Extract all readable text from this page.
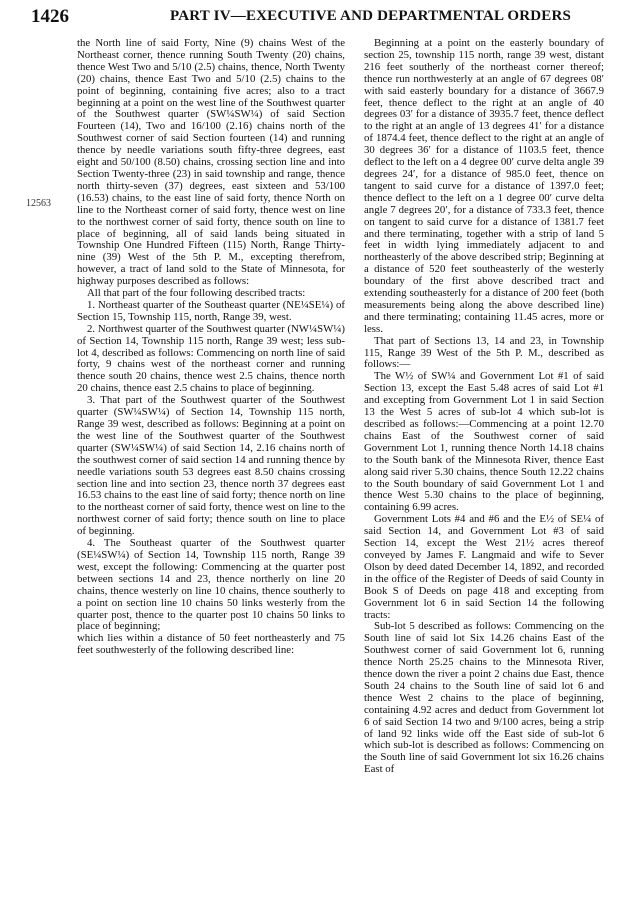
1426	PART IV—EXECUTIVE AND DEPARTMENTAL ORDERS
12563

the North line of said Forty, Nine (9) chains West of the Northeast corner, thence running South Twenty (20) chains, thence West Two and 5/10 (2.5) chains, thence, North Twenty (20) chains, thence East Two and 5/10 (2.5) chains to the point of beginning, containing five acres; also to a tract beginning at a point on the west line of the Southwest quarter of the Southwest quarter (SW¼SW¼) of said Section Fourteen (14), Two and 16/100 (2.16) chains north of the Southwest corner of said Section fourteen (14) and running thence by needle variations south fifty-three degrees, east eight and 50/100 (8.50) chains, crossing section line and into Section Twenty-three (23) in said township and range, thence north thirty-seven (37) degrees, east sixteen and 53/100 (16.53) chains, to the east line of said forty, thence North on line to the Northeast corner of said forty, thence west on line to the northwest corner of said forty, thence south on line to place of beginning, all of said lands being situated in Township One Hundred Fifteen (115) North, Range Thirty-nine (39) West of the 5th P. M., excepting therefrom, however, a tract of land sold to the State of Minnesota, for highway purposes described as follows:

All that part of the four following described tracts:

1. Northeast quarter of the Southeast quarter (NE¼SE¼) of Section 15, Township 115, north, Range 39, west.

2. Northwest quarter of the Southwest quarter (NW¼SW¼) of Section 14, Township 115 north, Range 39 west; less sub-lot 4, described as follows: Commencing on north line of said forty, 9 chains west of the northeast corner and running thence south 20 chains, thence west 2.5 chains, thence north 20 chains, thence east 2.5 chains to place of beginning.

3. That part of the Southwest quarter of the Southwest quarter (SW¼SW¼) of Section 14, Township 115 north, Range 39 west, described as follows: Beginning at a point on the west line of the Southwest quarter of the Southwest quarter (SW¼SW¼) of said Section 14, 2.16 chains north of the southwest corner of said section 14 and running thence by needle variations south 53 degrees east 8.50 chains crossing section line and into section 23, thence north 37 degrees east 16.53 chains to the east line of said forty; thence north on line to the northeast corner of said forty, thence west on line to the northwest corner of said forty; thence south on line to place of beginning.

4. The Southeast quarter of the Southwest quarter (SE¼SW¼) of Section 14, Township 115 north, Range 39 west, except the following: Commencing at the quarter post between sections 14 and 23, thence northerly on line 20 chains, thence westerly on line 10 chains, thence southerly to a point on section line 10 chains 50 links westerly from the quarter post, thence to the quarter post 10 chains 50 links to place of beginning;

which lies within a distance of 50 feet northeasterly and 75 feet southwesterly of the following described line:

Beginning at a point on the easterly boundary of section 25, township 115 north, range 39 west, distant 216 feet southerly of the northeast corner thereof; thence run northwesterly at an angle of 67 degrees 08′ with said easterly boundary for a distance of 3667.9 feet, thence deflect to the right at an angle of 40 degrees 03′ for a distance of 3935.7 feet, thence deflect to the right at an angle of 13 degrees 41′ for a distance of 1874.4 feet, thence deflect to the right at an angle of 30 degrees 36′ for a distance of 1103.5 feet, thence deflect to the left on a 4 degree 00′ curve delta angle 39 degrees 24′, for a distance of 985.0 feet, thence on tangent to said curve for a distance of 1397.0 feet; thence deflect to the left on a 1 degree 00′ curve delta angle 7 degrees 20′, for a distance of 733.3 feet, thence on tangent to said curve for a distance of 1381.7 feet and there terminating, together with a strip of land 5 feet in width lying immediately adjacent to and northeasterly of the above described strip; Beginning at a distance of 520 feet southeasterly of the westerly boundary of the first above described tract and extending southeasterly for a distance of 200 feet (both measurements being along the above described line) and there terminating; containing 11.45 acres, more or less.

That part of Sections 13, 14 and 23, in Township 115, Range 39 West of the 5th P. M., described as follows:—

The W½ of SW¼ and Government Lot #1 of said Section 13, except the East 5.48 acres of said Lot #1 and excepting from Government Lot 1 in said Section 13 the West 5 acres of sub-lot 4 which sub-lot is described as follows:—Commencing at a point 12.70 chains East of the Southwest corner of said Government Lot 1, running thence North 14.18 chains to the South bank of the Minnesota River, thence East along said river 5.30 chains, thence South 12.22 chains to the South boundary of said Government Lot 1 and thence West 5.30 chains to the place of beginning, containing 6.99 acres.

Government Lots #4 and #6 and the E½ of SE¼ of said Section 14, and Government Lot #3 of said Section 14, except the West 21½ acres thereof conveyed by James F. Langmaid and wife to Sever Olson by deed dated December 14, 1892, and recorded in the office of the Register of Deeds of said County in Book S of Deeds on page 418 and excepting from Government lot 6 in said Section 14 the following tracts:

Sub-lot 5 described as follows: Commencing on the South line of said lot Six 14.26 chains East of the Southwest corner of said Government lot 6, running thence North 25.25 chains to the Minnesota River, thence down the river a point 2 chains due East, thence South 24 chains to the South line of said lot 6 and thence West 2 chains to the place of beginning, containing 4.92 acres and deduct from Government lot 6 of said Section 14 two and 9/100 acres, being a strip of land 92 links wide off the East side of sub-lot 6 which sub-lot is described as follows: Commencing on the South line of said Government lot six 16.26 chains East of
